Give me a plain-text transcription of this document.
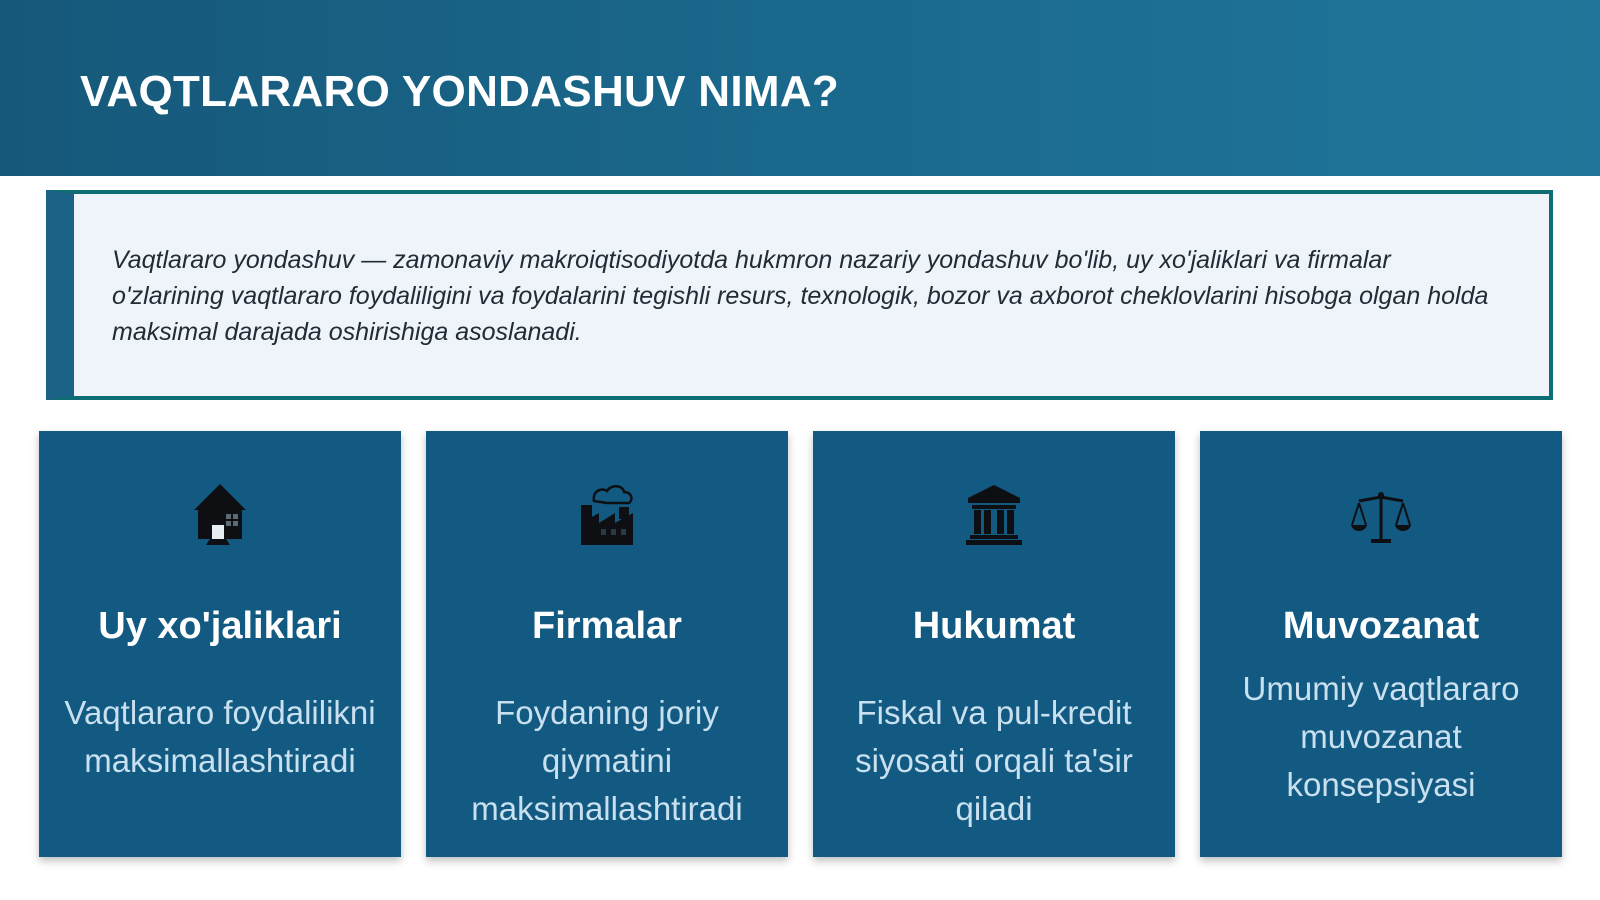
VAQTLARARO YONDASHUV NIMA?

Vaqtlararo yondashuv — zamonaviy makroiqtisodiyotda hukmron nazariy yondashuv bo'lib, uy xo'jaliklari va firmalar o'zlarining vaqtlararo foydaliligini va foydalarini tegishli resurs, texnologik, bozor va axborot cheklovlarini hisobga olgan holda maksimal darajada oshirishiga asoslanadi.

Uy xo'jaliklari

Vaqtlararo foydalilikni maksimallashtiradi

Firmalar

Foydaning joriy qiymatini maksimallashtiradi

Hukumat

Fiskal va pul-kredit siyosati orqali ta'sir qiladi

Muvozanat

Umumiy vaqtlararo muvozanat konsepsiyasi
